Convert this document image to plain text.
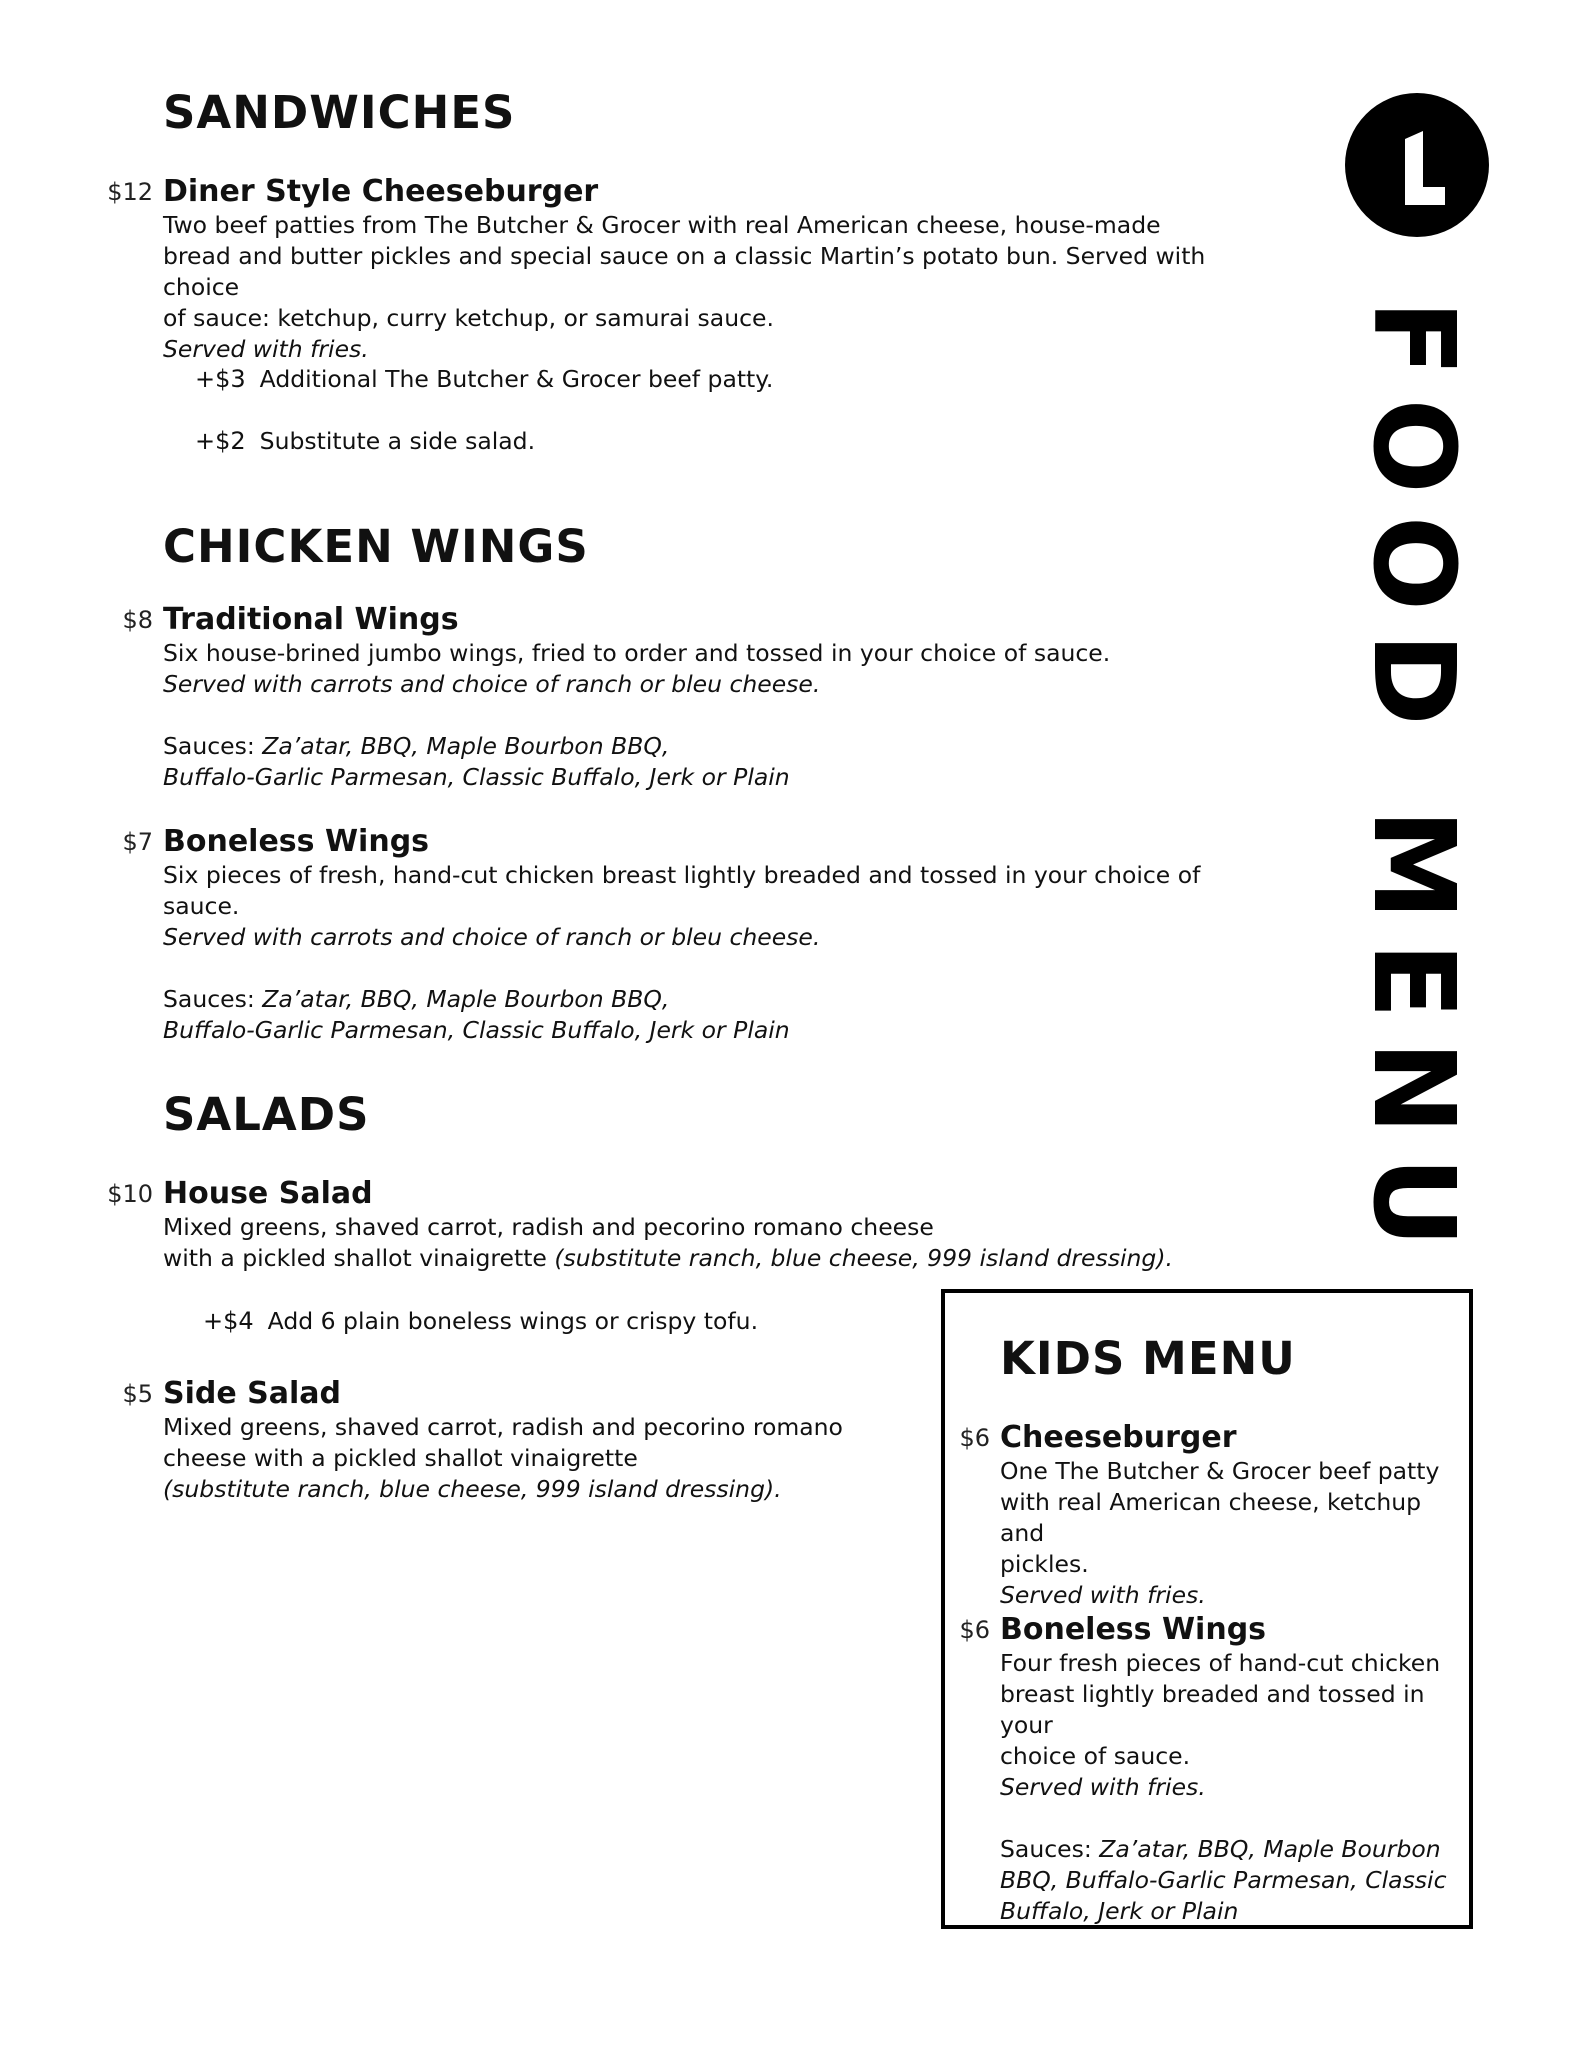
FOOD MENU
SANDWICHES
$12 Diner Style Cheeseburger

Two beef patties from The Butcher & Grocer with real American cheese, house-made

bread and butter pickles and special sauce on a classic Martin’s potato bun. Served with choice

of sauce: ketchup, curry ketchup, or samurai sauce.

Served with fries.

+$3 Additional The Butcher & Grocer beef patty.
+$2 Substitute a side salad.
CHICKEN WINGS
$8 Traditional Wings

Six house-brined jumbo wings, fried to order and tossed in your choice of sauce.

Served with carrots and choice of ranch or bleu cheese.

Sauces: Za’atar, BBQ, Maple Bourbon BBQ,

Buffalo-Garlic Parmesan, Classic Buffalo, Jerk or Plain

$7 Boneless Wings

Six pieces of fresh, hand-cut chicken breast lightly breaded and tossed in your choice of

sauce.

Served with carrots and choice of ranch or bleu cheese.

Sauces: Za’atar, BBQ, Maple Bourbon BBQ,

Buffalo-Garlic Parmesan, Classic Buffalo, Jerk or Plain

SALADS
$10 House Salad

Mixed greens, shaved carrot, radish and pecorino romano cheese

with a pickled shallot vinaigrette (substitute ranch, blue cheese, 999 island dressing).

+$4 Add 6 plain boneless wings or crispy tofu.
$5 Side Salad

Mixed greens, shaved carrot, radish and pecorino romano

cheese with a pickled shallot vinaigrette

(substitute ranch, blue cheese, 999 island dressing).

KIDS MENU
$6 Cheeseburger

One The Butcher & Grocer beef patty

with real American cheese, ketchup and

pickles.

Served with fries.

$6 Boneless Wings

Four fresh pieces of hand-cut chicken

breast lightly breaded and tossed in your

choice of sauce.

Served with fries.

Sauces: Za’atar, BBQ, Maple Bourbon

BBQ, Buffalo-Garlic Parmesan, Classic

Buffalo, Jerk or Plain
